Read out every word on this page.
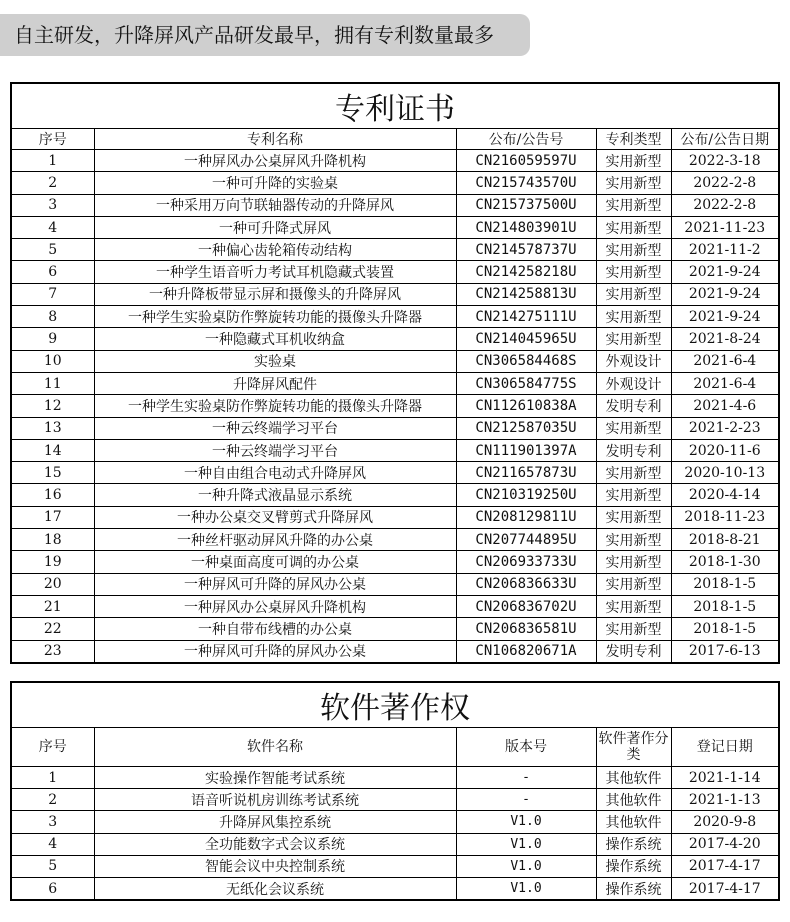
自主研发，升降屏风产品研发最早，拥有专利数量最多
专利证书				
序号	专利名称	公布/公告号	专利类型	公布/公告日期
1	一种屏风办公桌屏风升降机构	CN216059597U	实用新型	2022-3-18
2	一种可升降的实验桌	CN215743570U	实用新型	2022-2-8
3	一种采用万向节联轴器传动的升降屏风	CN215737500U	实用新型	2022-2-8
4	一种可升降式屏风	CN214803901U	实用新型	2021-11-23
5	一种偏心齿轮箱传动结构	CN214578737U	实用新型	2021-11-2
6	一种学生语音听力考试耳机隐藏式装置	CN214258218U	实用新型	2021-9-24
7	一种升降板带显示屏和摄像头的升降屏风	CN214258813U	实用新型	2021-9-24
8	一种学生实验桌防作弊旋转功能的摄像头升降器	CN214275111U	实用新型	2021-9-24
9	一种隐藏式耳机收纳盒	CN214045965U	实用新型	2021-8-24
10	实验桌	CN306584468S	外观设计	2021-6-4
11	升降屏风配件	CN306584775S	外观设计	2021-6-4
12	一种学生实验桌防作弊旋转功能的摄像头升降器	CN112610838A	发明专利	2021-4-6
13	一种云终端学习平台	CN212587035U	实用新型	2021-2-23
14	一种云终端学习平台	CN111901397A	发明专利	2020-11-6
15	一种自由组合电动式升降屏风	CN211657873U	实用新型	2020-10-13
16	一种升降式液晶显示系统	CN210319250U	实用新型	2020-4-14
17	一种办公桌交叉臂剪式升降屏风	CN208129811U	实用新型	2018-11-23
18	一种丝杆驱动屏风升降的办公桌	CN207744895U	实用新型	2018-8-21
19	一种桌面高度可调的办公桌	CN206933733U	实用新型	2018-1-30
20	一种屏风可升降的屏风办公桌	CN206836633U	实用新型	2018-1-5
21	一种屏风办公桌屏风升降机构	CN206836702U	实用新型	2018-1-5
22	一种自带布线槽的办公桌	CN206836581U	实用新型	2018-1-5
23	一种屏风可升降的屏风办公桌	CN106820671A	发明专利	2017-6-13
软件著作权				
序号	软件名称	版本号	软件著作分类	登记日期
1	实验操作智能考试系统	-	其他软件	2021-1-14
2	语音听说机房训练考试系统	-	其他软件	2021-1-13
3	升降屏风集控系统	V1.0	其他软件	2020-9-8
4	全功能数字式会议系统	V1.0	操作系统	2017-4-20
5	智能会议中央控制系统	V1.0	操作系统	2017-4-17
6	无纸化会议系统	V1.0	操作系统	2017-4-17
